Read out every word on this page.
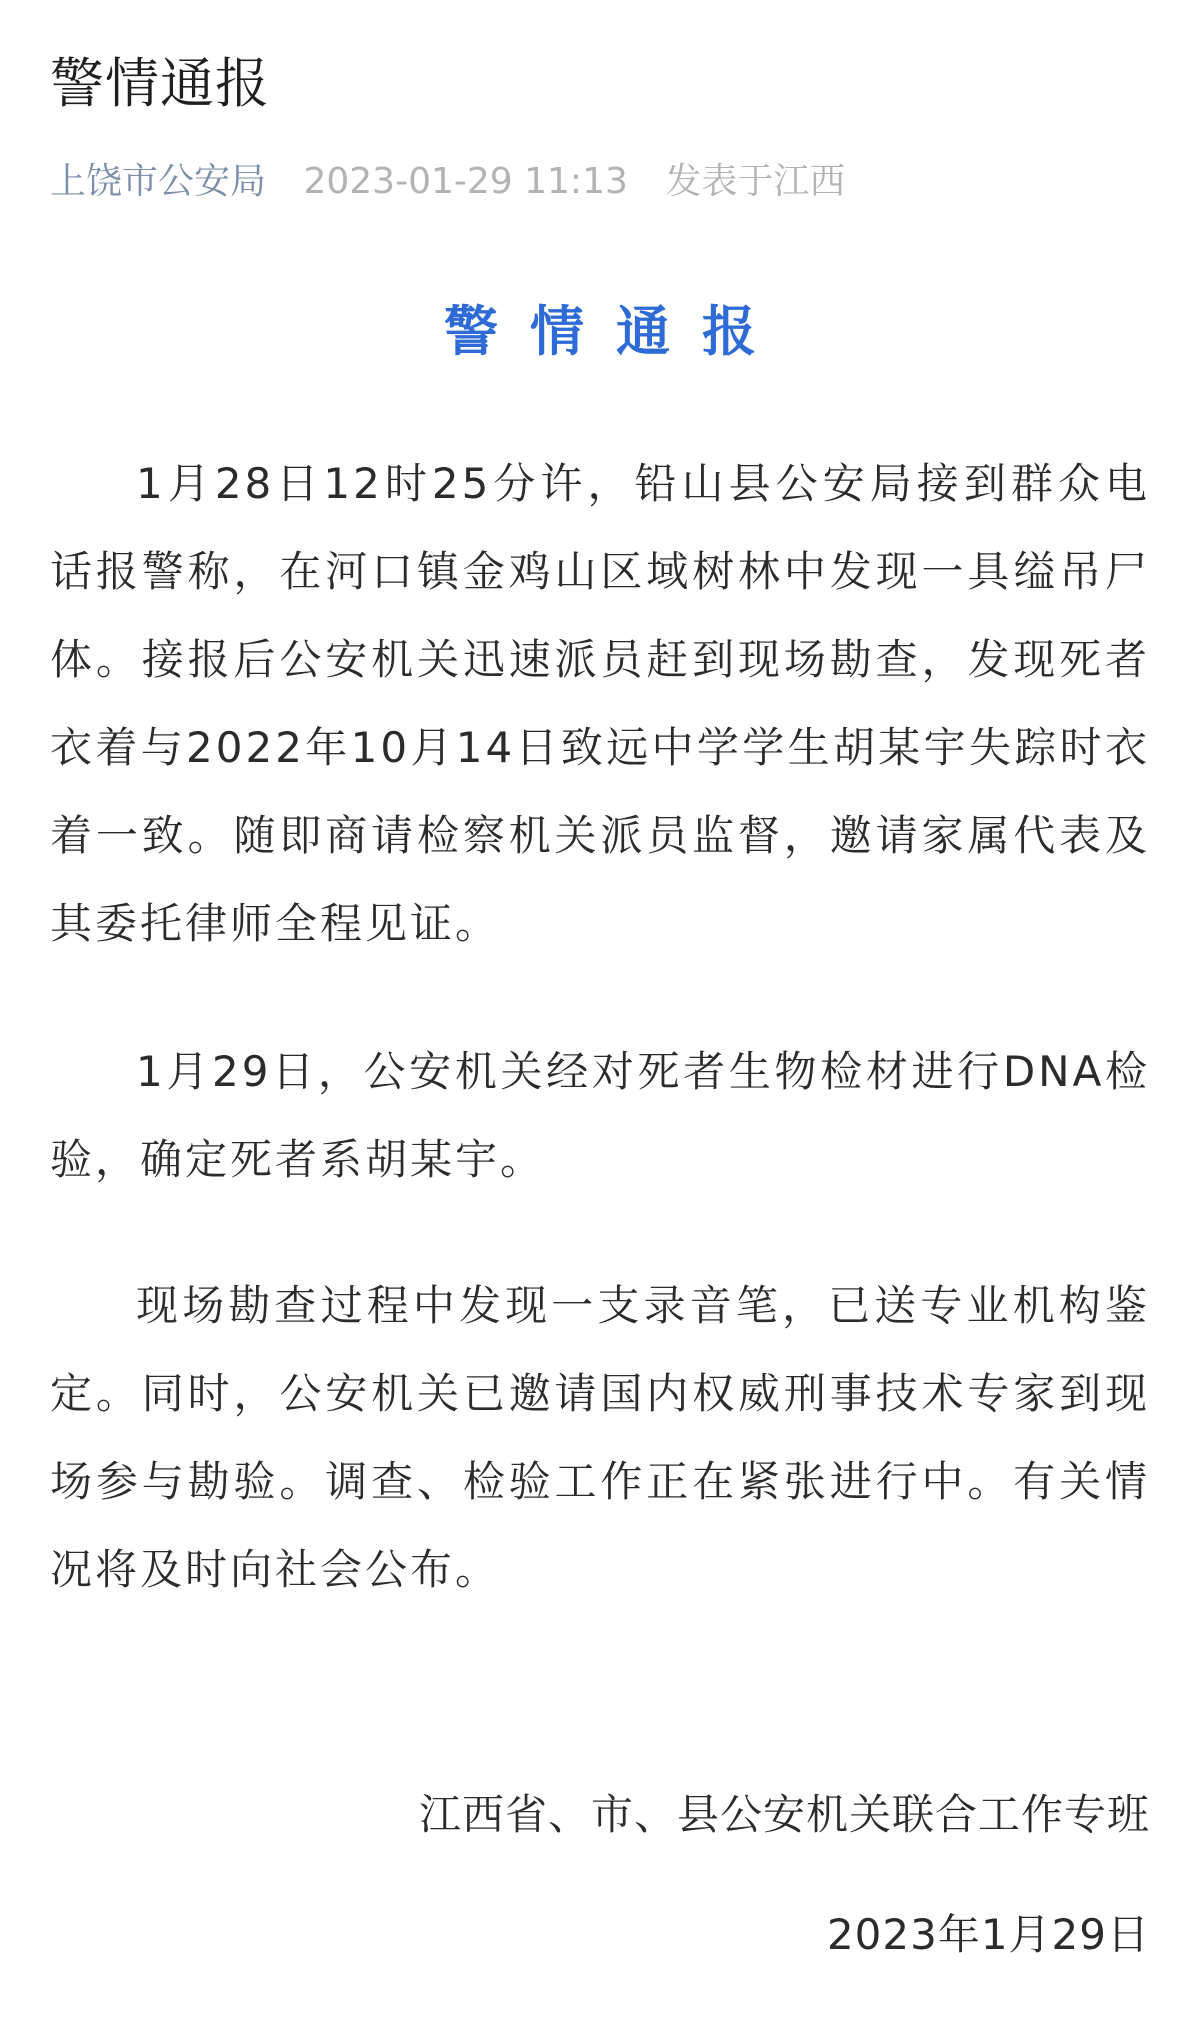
警情通报
上饶市公安局 2023-01-29 11:13 发表于江西
警情通报

1月28日12时25分许，铅山县公安局接到群众电话报警称，在河口镇金鸡山区域树林中发现一具缢吊尸体。接报后公安机关迅速派员赶到现场勘查，发现死者衣着与2022年10月14日致远中学学生胡某宇失踪时衣着一致。随即商请检察机关派员监督，邀请家属代表及其委托律师全程见证。

1月29日，公安机关经对死者生物检材进行DNA检验，确定死者系胡某宇。

现场勘查过程中发现一支录音笔，已送专业机构鉴定。同时，公安机关已邀请国内权威刑事技术专家到现场参与勘验。调查、检验工作正在紧张进行中。有关情况将及时向社会公布。

江西省、市、县公安机关联合工作专班
2023年1月29日
